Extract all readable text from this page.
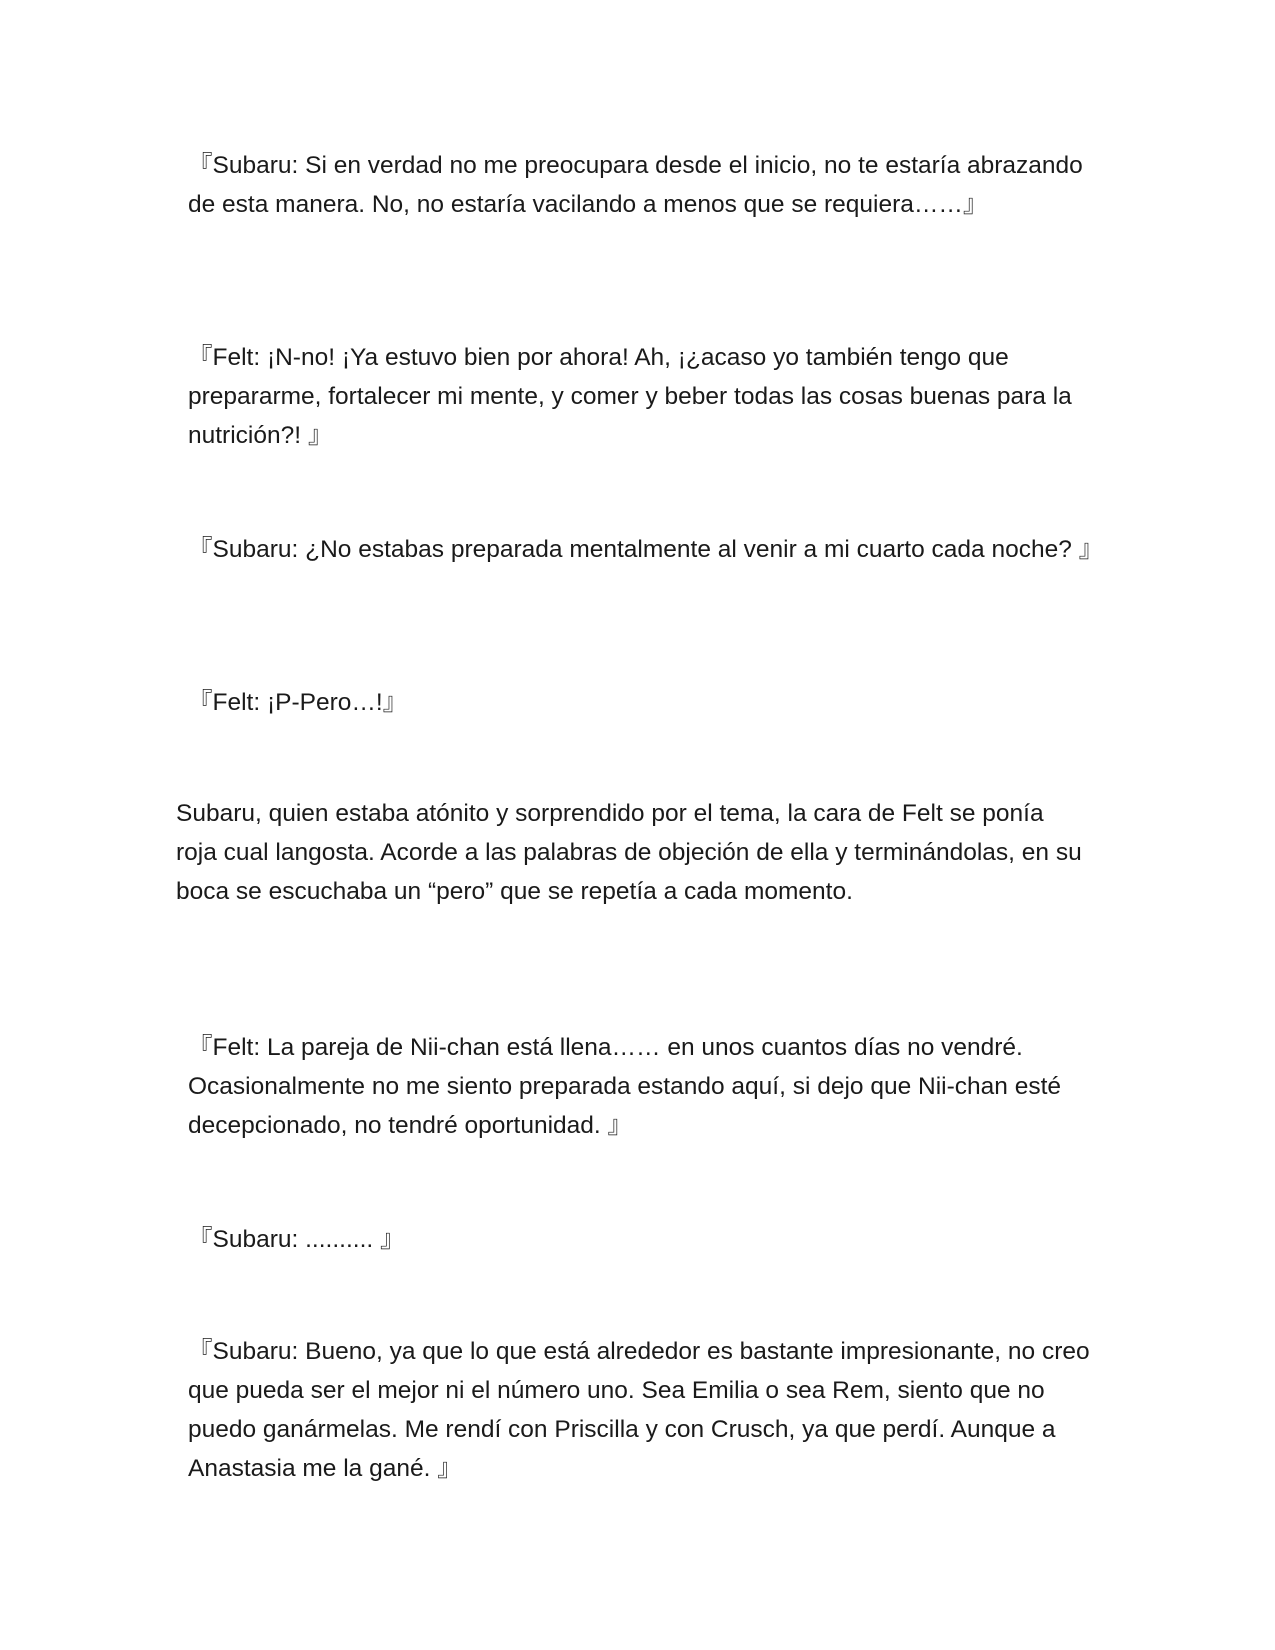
『Subaru: Si en verdad no me preocupara desde el inicio, no te estaría abrazando de esta manera. No, no estaría vacilando a menos que se requiera……』

『Felt: ¡N-no! ¡Ya estuvo bien por ahora! Ah, ¡¿acaso yo también tengo que prepararme, fortalecer mi mente, y comer y beber todas las cosas buenas para la nutrición?! 』

『Subaru: ¿No estabas preparada mentalmente al venir a mi cuarto cada noche? 』

『Felt: ¡P-Pero…!』

Subaru, quien estaba atónito y sorprendido por el tema, la cara de Felt se ponía roja cual langosta. Acorde a las palabras de objeción de ella y terminándolas, en su boca se escuchaba un “pero” que se repetía a cada momento.

『Felt: La pareja de Nii-chan está llena…… en unos cuantos días no vendré. Ocasionalmente no me siento preparada estando aquí, si dejo que Nii-chan esté decepcionado, no tendré oportunidad. 』

『Subaru: .......... 』

『Subaru: Bueno, ya que lo que está alrededor es bastante impresionante, no creo que pueda ser el mejor ni el número uno. Sea Emilia o sea Rem, siento que no puedo ganármelas. Me rendí con Priscilla y con Crusch, ya que perdí. Aunque a Anastasia me la gané. 』
